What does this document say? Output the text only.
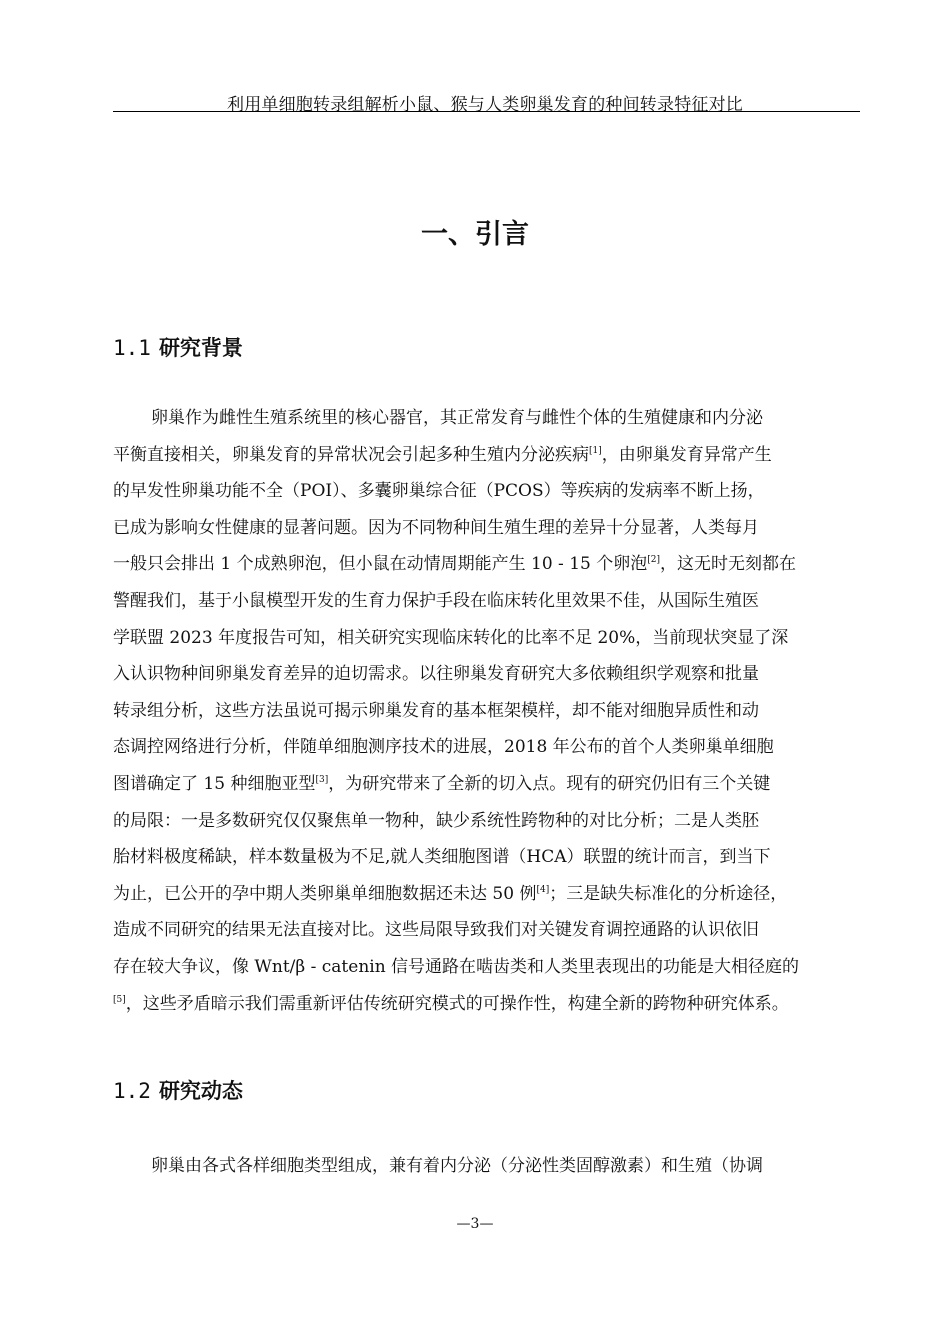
利用单细胞转录组解析小鼠、猴与人类卵巢发育的种间转录特征对比
一、引言
1.1 研究背景
卵巢作为雌性生殖系统里的核心器官，其正常发育与雌性个体的生殖健康和内分泌
平衡直接相关，卵巢发育的异常状况会引起多种生殖内分泌疾病[1]，由卵巢发育异常产生
的早发性卵巢功能不全（POI）、多囊卵巢综合征（PCOS）等疾病的发病率不断上扬，
已成为影响女性健康的显著问题。因为不同物种间生殖生理的差异十分显著，人类每月
一般只会排出 1 个成熟卵泡，但小鼠在动情周期能产生 10 - 15 个卵泡[2]，这无时无刻都在
警醒我们，基于小鼠模型开发的生育力保护手段在临床转化里效果不佳，从国际生殖医
学联盟 2023 年度报告可知，相关研究实现临床转化的比率不足 20%，当前现状突显了深
入认识物种间卵巢发育差异的迫切需求。以往卵巢发育研究大多依赖组织学观察和批量
转录组分析，这些方法虽说可揭示卵巢发育的基本框架模样，却不能对细胞异质性和动
态调控网络进行分析，伴随单细胞测序技术的进展，2018 年公布的首个人类卵巢单细胞
图谱确定了 15 种细胞亚型[3]，为研究带来了全新的切入点。现有的研究仍旧有三个关键
的局限：一是多数研究仅仅聚焦单一物种，缺少系统性跨物种的对比分析；二是人类胚
胎材料极度稀缺，样本数量极为不足,就人类细胞图谱（HCA）联盟的统计而言，到当下
为止，已公开的孕中期人类卵巢单细胞数据还未达 50 例[4]；三是缺失标准化的分析途径，
造成不同研究的结果无法直接对比。这些局限导致我们对关键发育调控通路的认识依旧
存在较大争议，像 Wnt/β - catenin 信号通路在啮齿类和人类里表现出的功能是大相径庭的
[5]，这些矛盾暗示我们需重新评估传统研究模式的可操作性，构建全新的跨物种研究体系。
1.2 研究动态
卵巢由各式各样细胞类型组成，兼有着内分泌（分泌性类固醇激素）和生殖（协调
—3—
